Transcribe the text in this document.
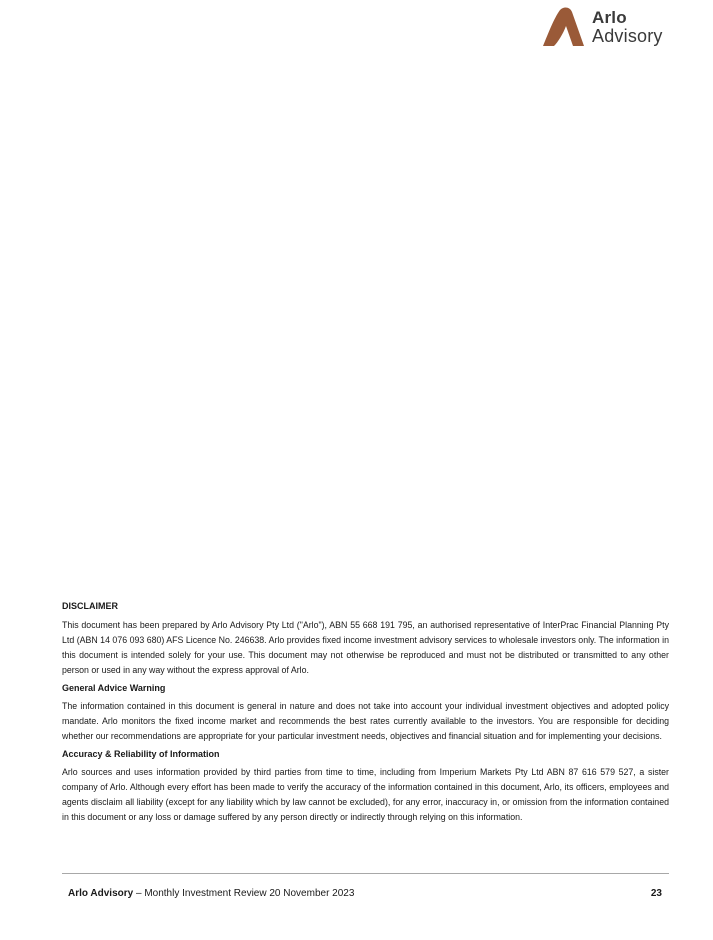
Arlo
Advisory
DISCLAIMER

This document has been prepared by Arlo Advisory Pty Ltd ("Arlo"), ABN 55 668 191 795, an authorised representative of InterPrac Financial Planning Pty Ltd (ABN 14 076 093 680) AFS Licence No. 246638. Arlo provides fixed income investment advisory services to wholesale investors only. The information in this document is intended solely for your use. This document may not otherwise be reproduced and must not be distributed or transmitted to any other person or used in any way without the express approval of Arlo.

General Advice Warning

The information contained in this document is general in nature and does not take into account your individual investment objectives and adopted policy mandate. Arlo monitors the fixed income market and recommends the best rates currently available to the investors. You are responsible for deciding whether our recommendations are appropriate for your particular investment needs, objectives and financial situation and for implementing your decisions.

Accuracy & Reliability of Information

Arlo sources and uses information provided by third parties from time to time, including from Imperium Markets Pty Ltd ABN 87 616 579 527, a sister company of Arlo. Although every effort has been made to verify the accuracy of the information contained in this document, Arlo, its officers, employees and agents disclaim all liability (except for any liability which by law cannot be excluded), for any error, inaccuracy in, or omission from the information contained in this document or any loss or damage suffered by any person directly or indirectly through relying on this information.

Arlo Advisory – Monthly Investment Review 20 November 2023	23
